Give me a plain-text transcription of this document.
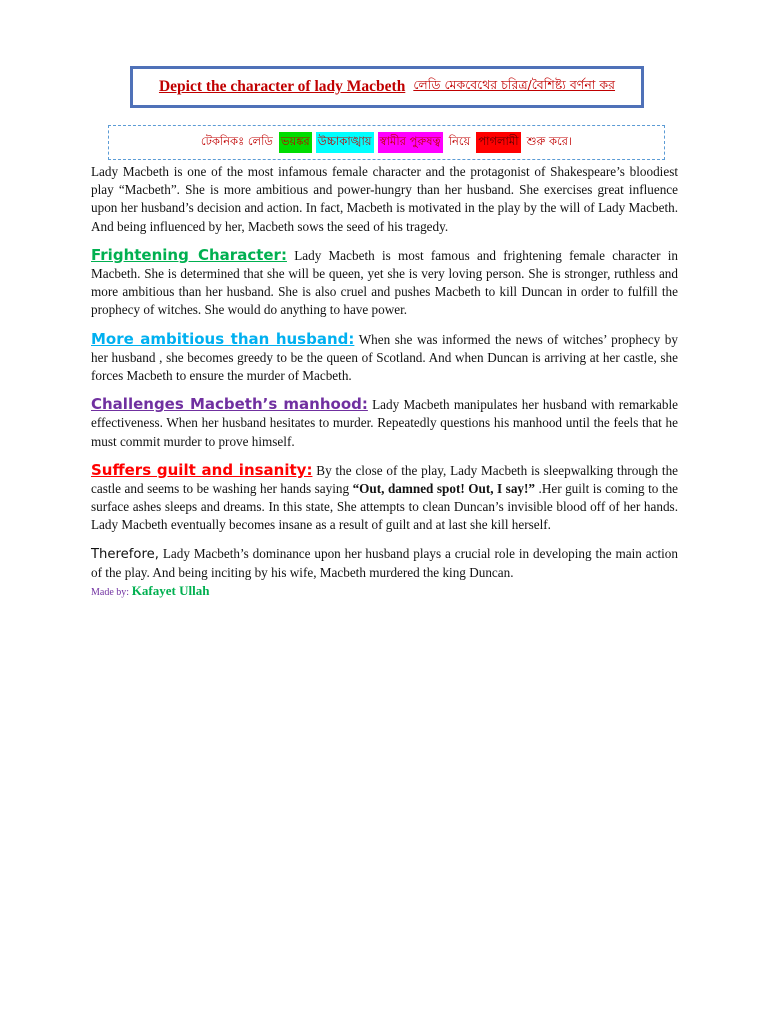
Depict the character of lady Macbeth লেডি মেকবেথের চরিত্র/বৈশিষ্ট্য বর্ণনা কর
টেকনিকঃ লেডি ভয়ঙ্কর উচ্চাকাঙ্খায় স্বামীর পুরুষত্ব নিয়ে পাগলামী শুরু করে।

Lady Macbeth is one of the most infamous female character and the protagonist of Shakespeare’s bloodiest play “Macbeth”. She is more ambitious and power-hungry than her husband. She exercises great influence upon her husband’s decision and action. In fact, Macbeth is motivated in the play by the will of Lady Macbeth. And being influenced by her, Macbeth sows the seed of his tragedy.

Frightening Character: Lady Macbeth is most famous and frightening female character in Macbeth. She is determined that she will be queen, yet she is very loving person. She is stronger, ruthless and more ambitious than her husband. She is also cruel and pushes Macbeth to kill Duncan in order to fulfill the prophecy of witches. She would do anything to have power.

More ambitious than husband: When she was informed the news of witches’ prophecy by her husband , she becomes greedy to be the queen of Scotland. And when Duncan is arriving at her castle, she forces Macbeth to ensure the murder of Macbeth.

Challenges Macbeth’s manhood: Lady Macbeth manipulates her husband with remarkable effectiveness. When her husband hesitates to murder. Repeatedly questions his manhood until the feels that he must commit murder to prove himself.

Suffers guilt and insanity: By the close of the play, Lady Macbeth is sleepwalking through the castle and seems to be washing her hands saying “Out, damned spot! Out, I say!” .Her guilt is coming to the surface ashes sleeps and dreams. In this state, She attempts to clean Duncan’s invisible blood off of her hands. Lady Macbeth eventually becomes insane as a result of guilt and at last she kill herself.

Therefore, Lady Macbeth’s dominance upon her husband plays a crucial role in developing the main action of the play. And being inciting by his wife, Macbeth murdered the king Duncan.

Made by: Kafayet Ullah
